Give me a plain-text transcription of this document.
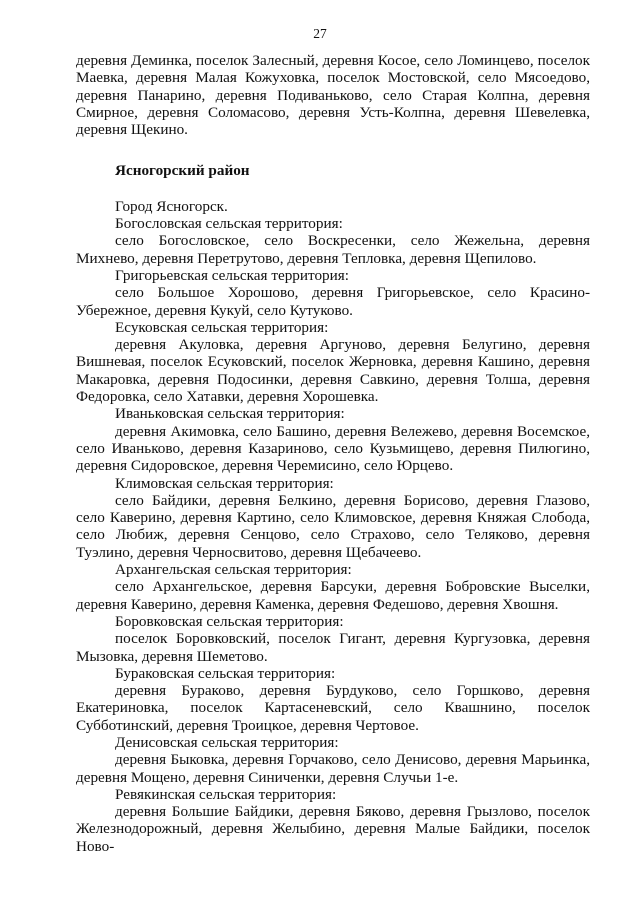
27

деревня Деминка, поселок Залесный, деревня Косое, село Ломинцево, поселок Маевка, деревня Малая Кожуховка, поселок Мостовской, село Мясоедово, деревня Панарино, деревня Подиваньково, село Старая Колпна, деревня Смирное, деревня Соломасово, деревня Усть-Колпна, деревня Шевелевка, деревня Щекино.

Ясногорский район

Город Ясногорск.

Богословская сельская территория:

село Богословское, село Воскресенки, село Жежельна, деревня Михнево, деревня Перетрутово, деревня Тепловка, деревня Щепилово.

Григорьевская сельская территория:

село Большое Хорошово, деревня Григорьевское, село Красино-Убережное, деревня Кукуй, село Кутуково.

Есуковская сельская территория:

деревня Акуловка, деревня Аргуново, деревня Белугино, деревня Вишневая, поселок Есуковский, поселок Жерновка, деревня Кашино, деревня Макаровка, деревня Подосинки, деревня Савкино, деревня Толша, деревня Федоровка, село Хатавки, деревня Хорошевка.

Иваньковская сельская территория:

деревня Акимовка, село Башино, деревня Вележево, деревня Восемское, село Иваньково, деревня Казариново, село Кузьмищево, деревня Пилюгино, деревня Сидоровское, деревня Черемисино, село Юрцево.

Климовская сельская территория:

село Байдики, деревня Белкино, деревня Борисово, деревня Глазово, село Каверино, деревня Картино, село Климовское, деревня Княжая Слобода, село Любиж, деревня Сенцово, село Страхово, село Теляково, деревня Туэлино, деревня Черносвитово, деревня Щебачеево.

Архангельская сельская территория:

село Архангельское, деревня Барсуки, деревня Бобровские Выселки, деревня Каверино, деревня Каменка, деревня Федешово, деревня Хвошня.

Боровковская сельская территория:

поселок Боровковский, поселок Гигант, деревня Кургузовка, деревня Мызовка, деревня Шеметово.

Бураковская сельская территория:

деревня Бураково, деревня Бурдуково, село Горшково, деревня Екатериновка, поселок Картасеневский, село Квашнино, поселок Субботинский, деревня Троицкое, деревня Чертовое.

Денисовская сельская территория:

деревня Быковка, деревня Горчаково, село Денисово, деревня Марьинка, деревня Мощено, деревня Синиченки, деревня Случьи 1-е.

Ревякинская сельская территория:

деревня Большие Байдики, деревня Бяково, деревня Грызлово, поселок Железнодорожный, деревня Желыбино, деревня Малые Байдики, поселок Ново-
